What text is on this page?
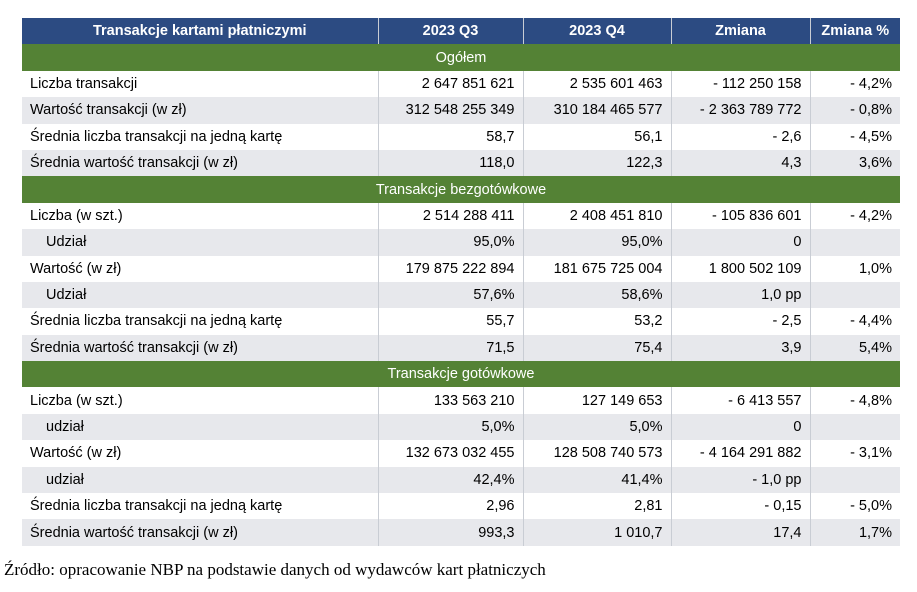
Transakcje kartami płatniczymi	2023 Q3	2023 Q4	Zmiana	Zmiana %
Ogółem				
Liczba transakcji	2 647 851 621	2 535 601 463	- 112 250 158	- 4,2%
Wartość transakcji (w zł)	312 548 255 349	310 184 465 577	- 2 363 789 772	- 0,8%
Średnia liczba transakcji na jedną kartę	58,7	56,1	- 2,6	- 4,5%
Średnia wartość transakcji (w zł)	118,0	122,3	4,3	3,6%
Transakcje bezgotówkowe				
Liczba (w szt.)	2 514 288 411	2 408 451 810	- 105 836 601	- 4,2%
Udział	95,0%	95,0%	0	
Wartość (w zł)	179 875 222 894	181 675 725 004	1 800 502 109	1,0%
Udział	57,6%	58,6%	1,0 pp	
Średnia liczba transakcji na jedną kartę	55,7	53,2	- 2,5	- 4,4%
Średnia wartość transakcji (w zł)	71,5	75,4	3,9	5,4%
Transakcje gotówkowe				
Liczba (w szt.)	133 563 210	127 149 653	- 6 413 557	- 4,8%
udział	5,0%	5,0%	0	
Wartość (w zł)	132 673 032 455	128 508 740 573	- 4 164 291 882	- 3,1%
udział	42,4%	41,4%	- 1,0 pp	
Średnia liczba transakcji na jedną kartę	2,96	2,81	- 0,15	- 5,0%
Średnia wartość transakcji (w zł)	993,3	1 010,7	17,4	1,7%
Źródło: opracowanie NBP na podstawie danych od wydawców kart płatniczych
